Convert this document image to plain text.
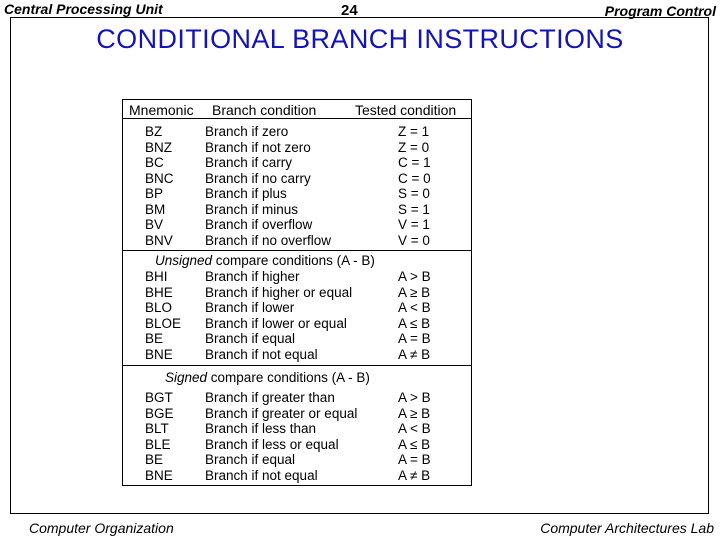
Central Processing Unit	24	Program Control
CONDITIONAL BRANCH INSTRUCTIONS
Mnemonic Branch condition	Tested condition
BZ	Branch if zero	Z = 1
BNZ Branch if not zero	Z = 0
BC	Branch if carry	C = 1
BNC Branch if no carry	C = 0
BP	Branch if plus	S = 0
BM	Branch if minus	S = 1
BV	Branch if overflow	V = 1
BNV Branch if no overflow	V = 0
Unsigned compare conditions (A - B)
BHI	Branch if higher	A > B
BHE Branch if higher or equal	A ≥ B
BLO Branch if lower	A < B
BLOE Branch if lower or equal	A ≤ B
BE	Branch if equal	A = B
BNE Branch if not equal	A ≠ B
Signed compare conditions (A - B)
BGT Branch if greater than	A > B
BGE Branch if greater or equal	A ≥ B
BLT	Branch if less than	A < B
BLE	Branch if less or equal	A ≤ B
BE	Branch if equal	A = B
BNE Branch if not equal	A ≠ B
Computer Organization	Computer Architectures Lab
